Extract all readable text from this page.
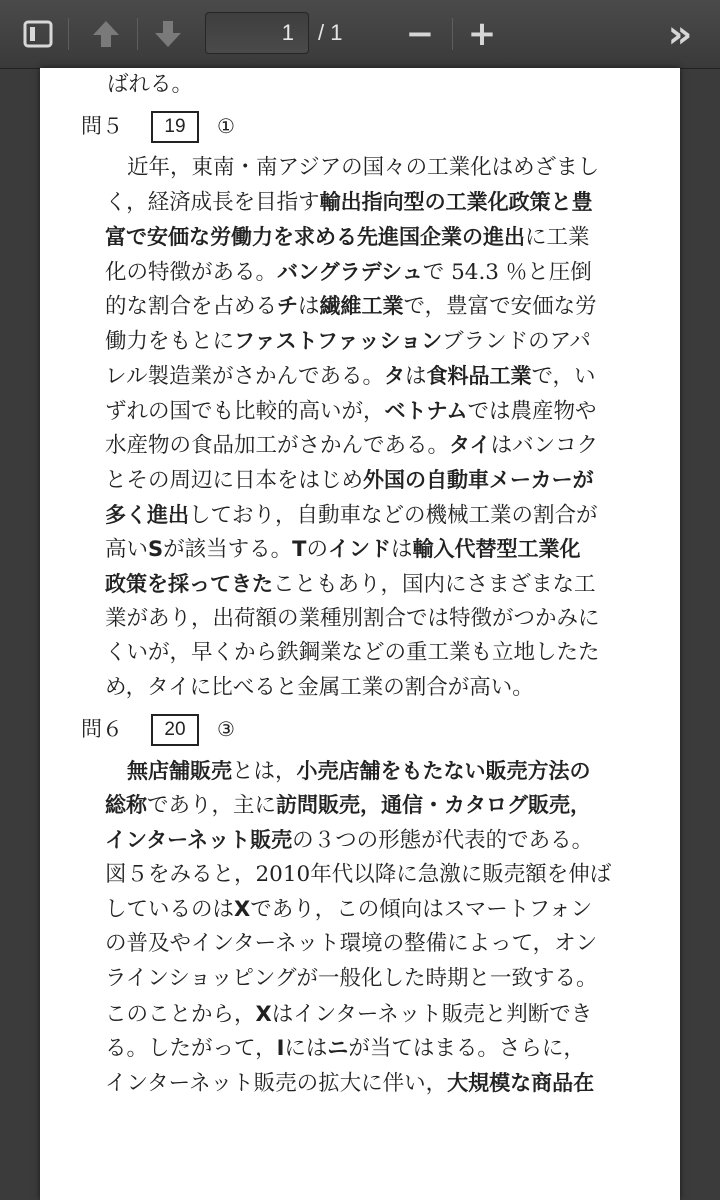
1
/ 1 − +	»
ばれる。
問５	19	①
近年，東南・南アジアの国々の工業化はめざまし
く，経済成長を目指す輸出指向型の工業化政策と豊
富で安価な労働力を求める先進国企業の進出に工業
化の特徴がある。バングラデシュで 54.3 ％と圧倒
的な割合を占めるチは繊維工業で，豊富で安価な労
働力をもとにファストファッションブランドのアパ
レル製造業がさかんである。タは食料品工業で，い
ずれの国でも比較的高いが，ベトナムでは農産物や
水産物の食品加工がさかんである。タイはバンコク
とその周辺に日本をはじめ外国の自動車メーカーが
多く進出しており，自動車などの機械工業の割合が
高いSが該当する。Tのインドは輸入代替型工業化
政策を採ってきたこともあり，国内にさまざまな工
業があり，出荷額の業種別割合では特徴がつかみに
くいが，早くから鉄鋼業などの重工業も立地したた
め，タイに比べると金属工業の割合が高い。
問６	20	③
無店舗販売とは，小売店舗をもたない販売方法の
総称であり，主に訪問販売，通信・カタログ販売，
インターネット販売の３つの形態が代表的である。
図５をみると，2010年代以降に急激に販売額を伸ば
しているのはXであり，この傾向はスマートフォン
の普及やインターネット環境の整備によって，オン
ラインショッピングが一般化した時期と一致する。
このことから，Xはインターネット販売と判断でき
る。したがって，Ⅰにはニが当てはまる。さらに，
インターネット販売の拡大に伴い，大規模な商品在
